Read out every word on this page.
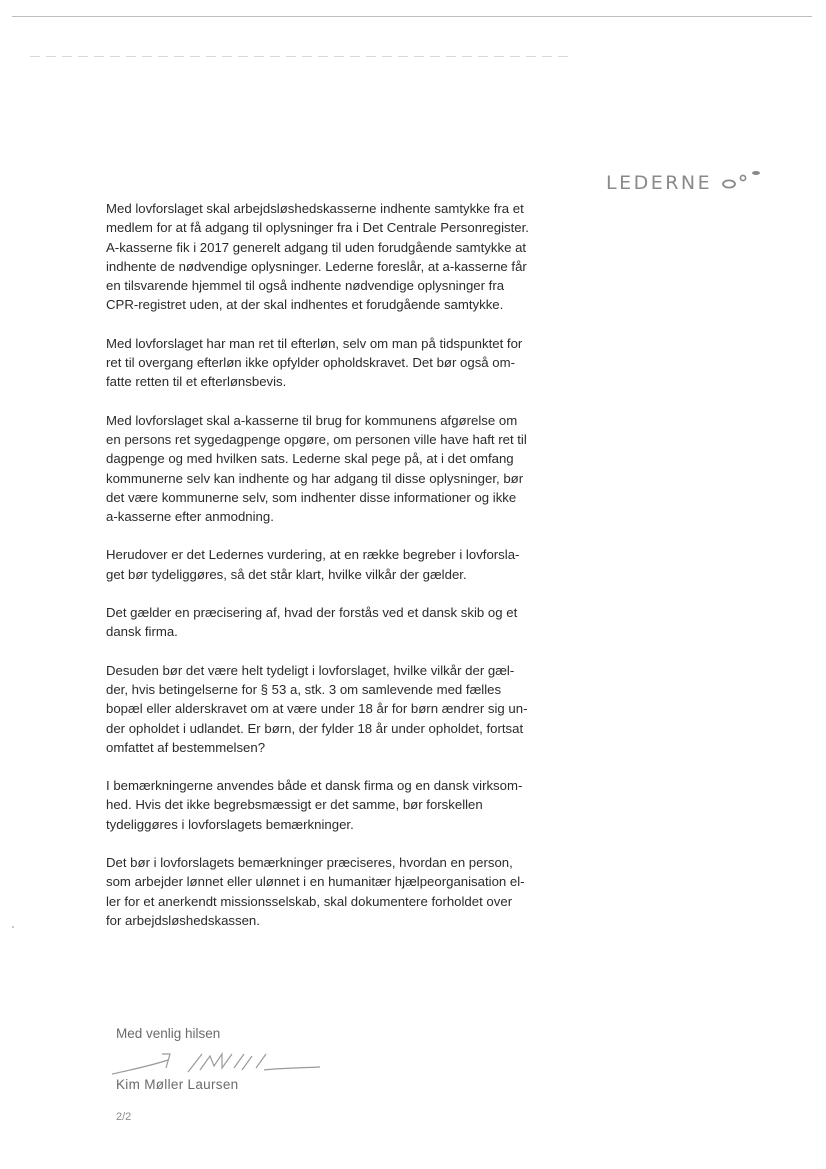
LEDERNE

Med lovforslaget skal arbejdsløshedskasserne indhente samtykke fra et
medlem for at få adgang til oplysninger fra i Det Centrale Personregister.
A-kasserne fik i 2017 generelt adgang til uden forudgående samtykke at
indhente de nødvendige oplysninger. Lederne foreslår, at a-kasserne får
en tilsvarende hjemmel til også indhente nødvendige oplysninger fra
CPR-registret uden, at der skal indhentes et forudgående samtykke.

Med lovforslaget har man ret til efterløn, selv om man på tidspunktet for
ret til overgang efterløn ikke opfylder opholdskravet. Det bør også om-
fatte retten til et efterlønsbevis.

Med lovforslaget skal a-kasserne til brug for kommunens afgørelse om
en persons ret sygedagpenge opgøre, om personen ville have haft ret til
dagpenge og med hvilken sats. Lederne skal pege på, at i det omfang
kommunerne selv kan indhente og har adgang til disse oplysninger, bør
det være kommunerne selv, som indhenter disse informationer og ikke
a-kasserne efter anmodning.

Herudover er det Ledernes vurdering, at en række begreber i lovforsla-
get bør tydeliggøres, så det står klart, hvilke vilkår der gælder.

Det gælder en præcisering af, hvad der forstås ved et dansk skib og et
dansk firma.

Desuden bør det være helt tydeligt i lovforslaget, hvilke vilkår der gæl-
der, hvis betingelserne for § 53 a, stk. 3 om samlevende med fælles
bopæl eller alderskravet om at være under 18 år for børn ændrer sig un-
der opholdet i udlandet. Er børn, der fylder 18 år under opholdet, fortsat
omfattet af bestemmelsen?

I bemærkningerne anvendes både et dansk firma og en dansk virksom-
hed. Hvis det ikke begrebsmæssigt er det samme, bør forskellen
tydeliggøres i lovforslagets bemærkninger.

Det bør i lovforslagets bemærkninger præciseres, hvordan en person,
som arbejder lønnet eller ulønnet i en humanitær hjælpeorganisation el-
ler for et anerkendt missionsselskab, skal dokumentere forholdet over
for arbejdsløshedskassen.

Med venlig hilsen
Kim Møller Laursen
2/2
